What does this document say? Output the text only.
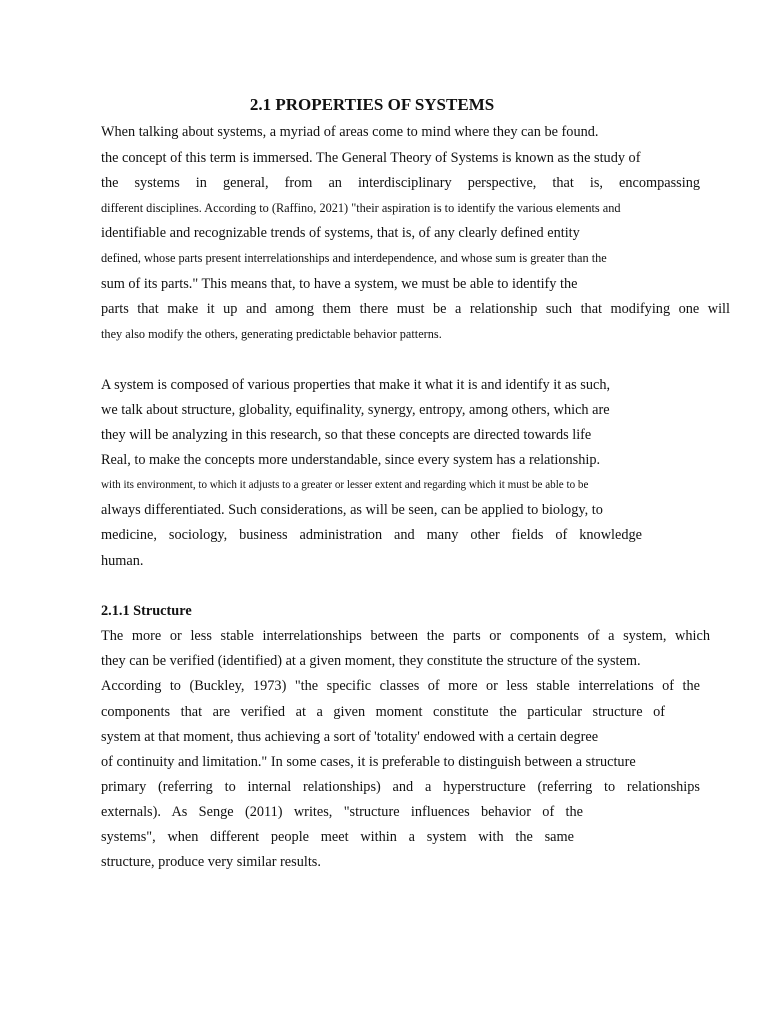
2.1 PROPERTIES OF SYSTEMS
When talking about systems, a myriad of areas come to mind where they can be found.
the concept of this term is immersed. The General Theory of Systems is known as the study of
the systems in general, from an interdisciplinary perspective, that is, encompassing
different disciplines. According to (Raffino, 2021) "their aspiration is to identify the various elements and
identifiable and recognizable trends of systems, that is, of any clearly defined entity
defined, whose parts present interrelationships and interdependence, and whose sum is greater than the
sum of its parts." This means that, to have a system, we must be able to identify the
parts that make it up and among them there must be a relationship such that modifying one will
they also modify the others, generating predictable behavior patterns.
A system is composed of various properties that make it what it is and identify it as such,
we talk about structure, globality, equifinality, synergy, entropy, among others, which are
they will be analyzing in this research, so that these concepts are directed towards life
Real, to make the concepts more understandable, since every system has a relationship.
with its environment, to which it adjusts to a greater or lesser extent and regarding which it must be able to be
always differentiated. Such considerations, as will be seen, can be applied to biology, to
medicine, sociology, business administration and many other fields of knowledge
human.
2.1.1 Structure
The more or less stable interrelationships between the parts or components of a system, which
they can be verified (identified) at a given moment, they constitute the structure of the system.
According to (Buckley, 1973) "the specific classes of more or less stable interrelations of the
components that are verified at a given moment constitute the particular structure of
system at that moment, thus achieving a sort of 'totality' endowed with a certain degree
of continuity and limitation." In some cases, it is preferable to distinguish between a structure
primary (referring to internal relationships) and a hyperstructure (referring to relationships
externals). As Senge (2011) writes, "structure influences behavior of the
systems", when different people meet within a system with the same
structure, produce very similar results.
